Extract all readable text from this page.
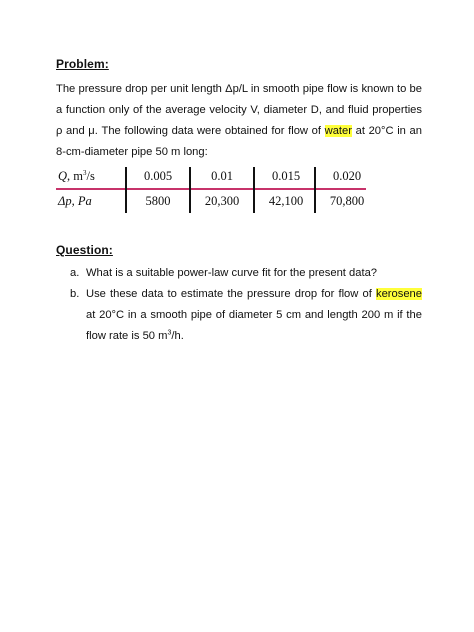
Problem:
The pressure drop per unit length Δp/L in smooth pipe flow is known to be a function only of the average velocity V, diameter D, and fluid properties ρ and μ. The following data were obtained for flow of water at 20°C in an 8-cm-diameter pipe 50 m long:
Q, $m^3/s$	0.005	0.01	0.015	0.020
Δp, Pa	5800	20,300	42,100	70,800
Question:
a. What is a suitable power-law curve fit for the present data?
b. Use these data to estimate the pressure drop for flow of kerosene at 20°C in a smooth pipe of diameter 5 cm and length 200 m if the flow rate is 50 $m^3/h$.
